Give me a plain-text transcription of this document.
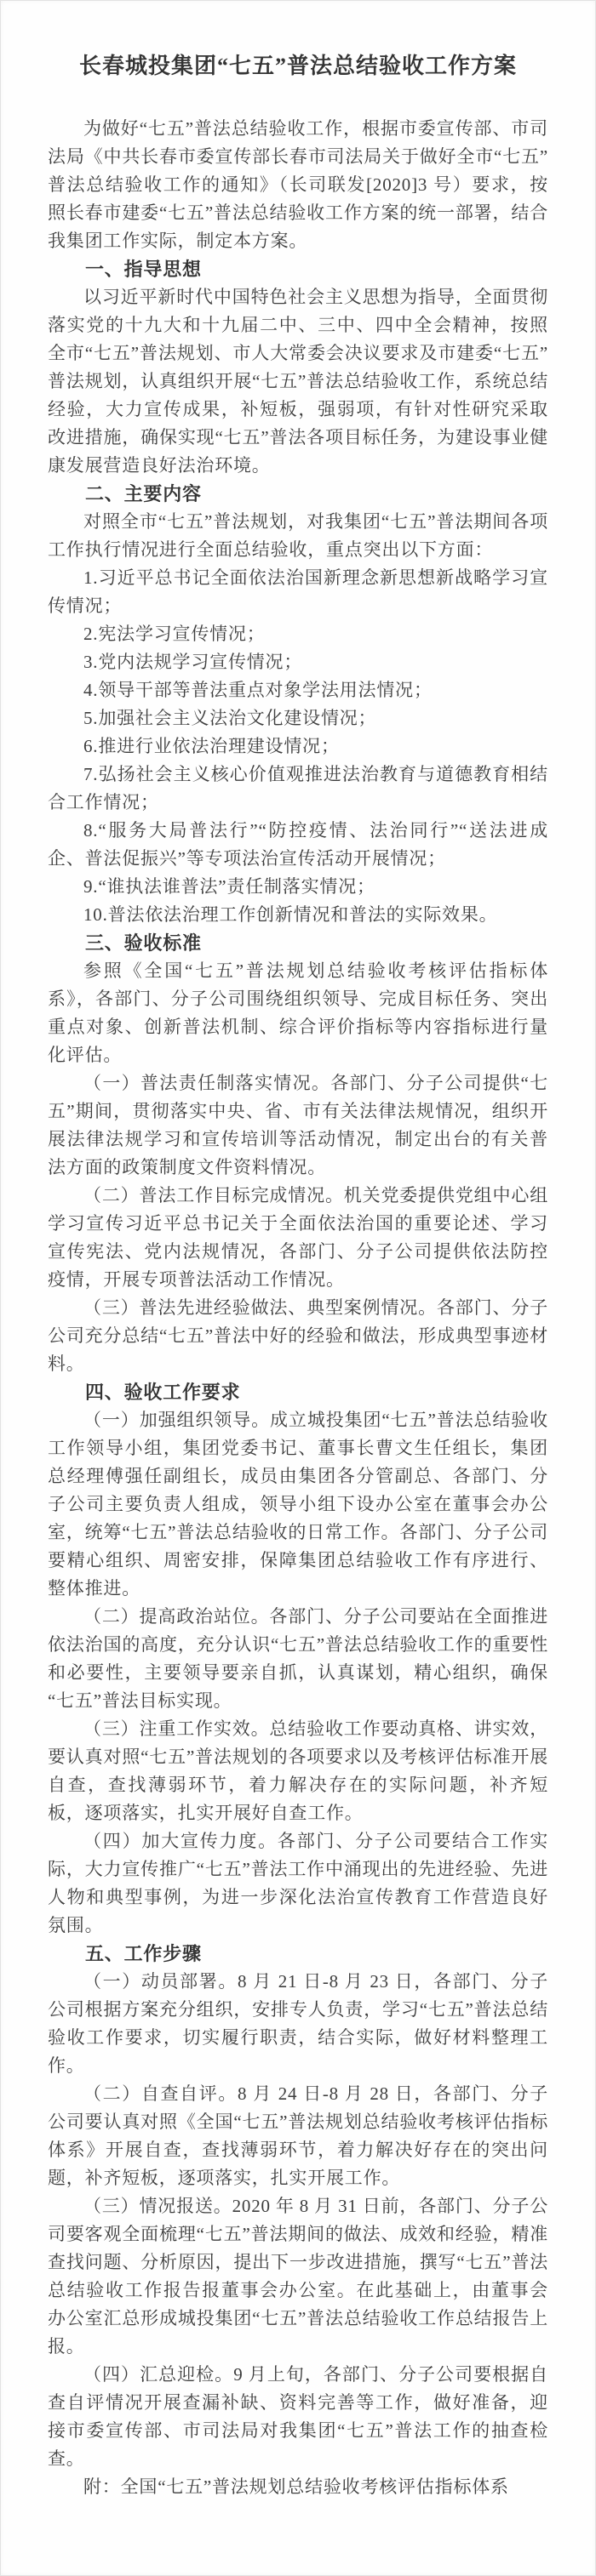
长春城投集团“七五”普法总结验收工作方案

为做好“七五”普法总结验收工作，根据市委宣传部、市司法局《中共长春市委宣传部长春市司法局关于做好全市“七五”普法总结验收工作的通知》（长司联发[2020]3 号）要求，按照长春市建委“七五”普法总结验收工作方案的统一部署，结合我集团工作实际，制定本方案。

一、指导思想

以习近平新时代中国特色社会主义思想为指导，全面贯彻落实党的十九大和十九届二中、三中、四中全会精神，按照全市“七五”普法规划、市人大常委会决议要求及市建委“七五”普法规划，认真组织开展“七五”普法总结验收工作，系统总结经验，大力宣传成果，补短板，强弱项，有针对性研究采取改进措施，确保实现“七五”普法各项目标任务，为建设事业健康发展营造良好法治环境。

二、主要内容

对照全市“七五”普法规划，对我集团“七五”普法期间各项工作执行情况进行全面总结验收，重点突出以下方面：

1.习近平总书记全面依法治国新理念新思想新战略学习宣传情况；

2.宪法学习宣传情况；

3.党内法规学习宣传情况；

4.领导干部等普法重点对象学法用法情况；

5.加强社会主义法治文化建设情况；

6.推进行业依法治理建设情况；

7.弘扬社会主义核心价值观推进法治教育与道德教育相结合工作情况；

8.“服务大局普法行”“防控疫情、法治同行”“送法进成企、普法促振兴”等专项法治宣传活动开展情况；

9.“谁执法谁普法”责任制落实情况；

10.普法依法治理工作创新情况和普法的实际效果。

三、验收标准

参照《全国“七五”普法规划总结验收考核评估指标体系》，各部门、分子公司围绕组织领导、完成目标任务、突出重点对象、创新普法机制、综合评价指标等内容指标进行量化评估。

（一）普法责任制落实情况。各部门、分子公司提供“七五”期间，贯彻落实中央、省、市有关法律法规情况，组织开展法律法规学习和宣传培训等活动情况，制定出台的有关普法方面的政策制度文件资料情况。

（二）普法工作目标完成情况。机关党委提供党组中心组学习宣传习近平总书记关于全面依法治国的重要论述、学习宣传宪法、党内法规情况，各部门、分子公司提供依法防控疫情，开展专项普法活动工作情况。

（三）普法先进经验做法、典型案例情况。各部门、分子公司充分总结“七五”普法中好的经验和做法，形成典型事迹材料。

四、验收工作要求

（一）加强组织领导。成立城投集团“七五”普法总结验收工作领导小组，集团党委书记、董事长曹文生任组长，集团总经理傅强任副组长，成员由集团各分管副总、各部门、分子公司主要负责人组成，领导小组下设办公室在董事会办公室，统筹“七五”普法总结验收的日常工作。各部门、分子公司要精心组织、周密安排，保障集团总结验收工作有序进行、整体推进。

（二）提高政治站位。各部门、分子公司要站在全面推进依法治国的高度，充分认识“七五”普法总结验收工作的重要性和必要性，主要领导要亲自抓，认真谋划，精心组织，确保“七五”普法目标实现。

（三）注重工作实效。总结验收工作要动真格、讲实效，要认真对照“七五”普法规划的各项要求以及考核评估标准开展自查，查找薄弱环节，着力解决存在的实际问题，补齐短板，逐项落实，扎实开展好自查工作。

（四）加大宣传力度。各部门、分子公司要结合工作实际，大力宣传推广“七五”普法工作中涌现出的先进经验、先进人物和典型事例，为进一步深化法治宣传教育工作营造良好氛围。

五、工作步骤

（一）动员部署。8 月 21 日-8 月 23 日，各部门、分子公司根据方案充分组织，安排专人负责，学习“七五”普法总结验收工作要求，切实履行职责，结合实际，做好材料整理工作。

（二）自查自评。8 月 24 日-8 月 28 日，各部门、分子公司要认真对照《全国“七五”普法规划总结验收考核评估指标体系》开展自查，查找薄弱环节，着力解决好存在的突出问题，补齐短板，逐项落实，扎实开展工作。

（三）情况报送。2020 年 8 月 31 日前，各部门、分子公司要客观全面梳理“七五”普法期间的做法、成效和经验，精准查找问题、分析原因，提出下一步改进措施，撰写“七五”普法总结验收工作报告报董事会办公室。在此基础上，由董事会办公室汇总形成城投集团“七五”普法总结验收工作总结报告上报。

（四）汇总迎检。9 月上旬，各部门、分子公司要根据自查自评情况开展查漏补缺、资料完善等工作，做好准备，迎接市委宣传部、市司法局对我集团“七五”普法工作的抽查检查。

附：全国“七五”普法规划总结验收考核评估指标体系
